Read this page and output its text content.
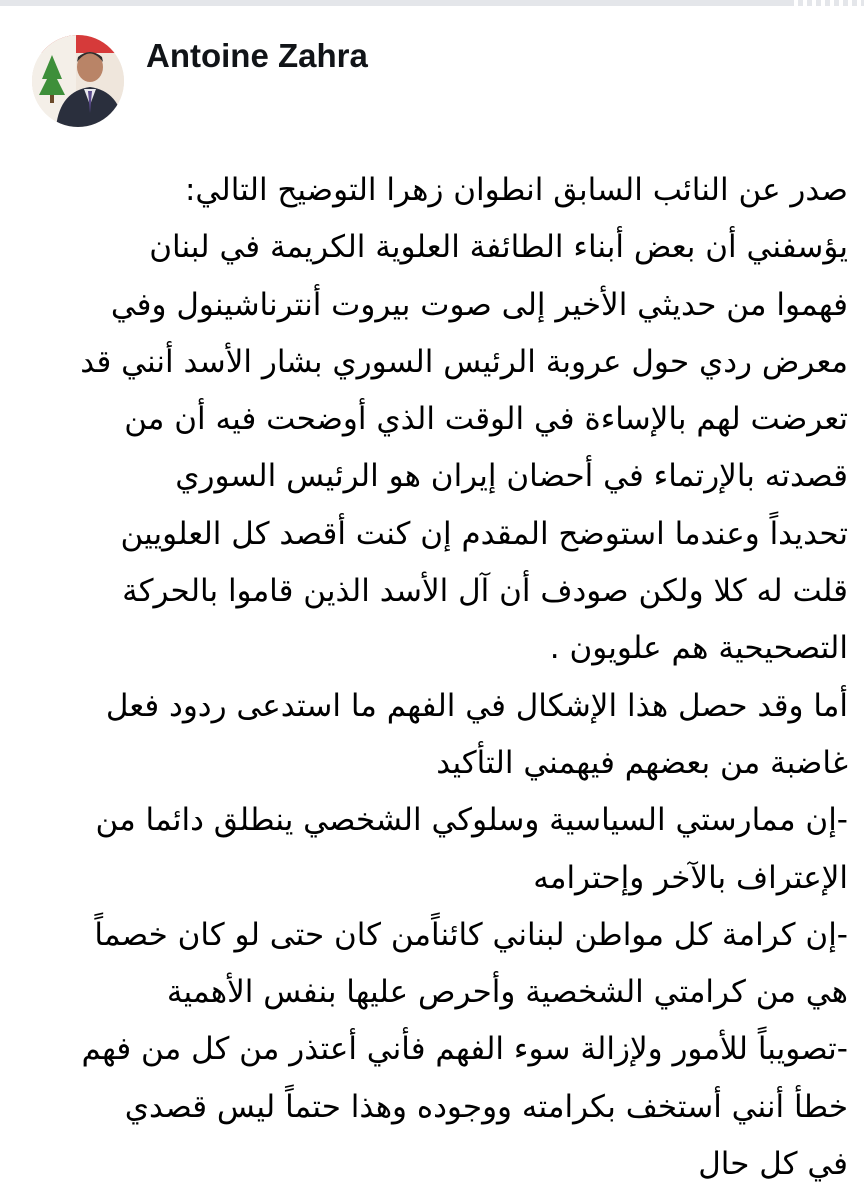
Antoine Zahra
صدر عن النائب السابق انطوان زهرا التوضيح التالي:
يؤسفني أن بعض أبناء الطائفة العلوية الكريمة في لبنان
فهموا من حديثي الأخير إلى صوت بيروت أنترناشينول وفي
معرض ردي حول عروبة الرئيس السوري بشار الأسد أنني قد
تعرضت لهم بالإساءة في الوقت الذي أوضحت فيه أن من
قصدته بالإرتماء في أحضان إيران هو الرئيس السوري
تحديداً وعندما استوضح المقدم إن كنت أقصد كل العلويين
قلت له كلا ولكن صودف أن آل الأسد الذين قاموا بالحركة
التصحيحية هم علويون .
أما وقد حصل هذا الإشكال في الفهم ما استدعى ردود فعل
غاضبة من بعضهم فيهمني التأكيد
-إن ممارستي السياسية وسلوكي الشخصي ينطلق دائما من
الإعتراف بالآخر وإحترامه
-إن كرامة كل مواطن لبناني كائناًمن كان حتى لو كان خصماً
هي من كرامتي الشخصية وأحرص عليها بنفس الأهمية
-تصويباً للأمور ولإزالة سوء الفهم فأني أعتذر من كل من فهم
خطأ أنني أستخف بكرامته ووجوده وهذا حتماً ليس قصدي
في كل حال
